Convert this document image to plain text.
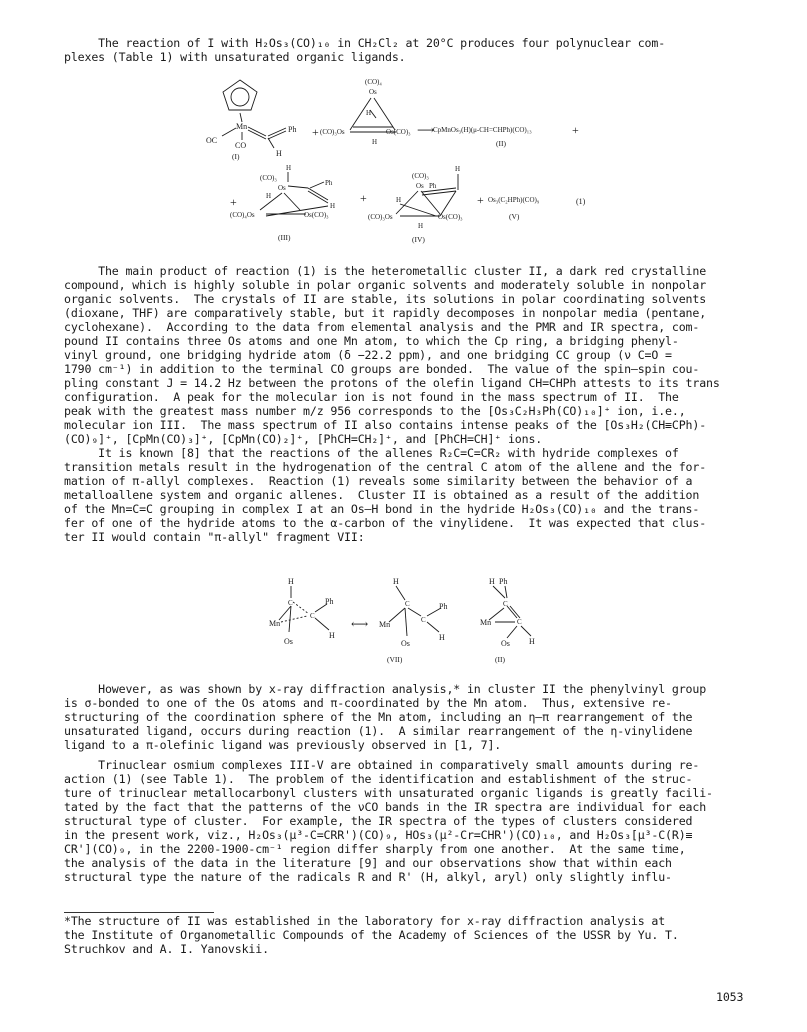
The reaction of I with H₂Os₃(CO)₁₀ in CH₂Cl₂ at 20°C produces four polynuclear com-
plexes (Table 1) with unsaturated organic ligands.
Mn
OC
CO
Ph
H
(I)
+
(CO)₄
Os
H
H
(CO)₃Os	Os(CO)₃ ⟶
CpMnOs₃(H)(μ-CH=CHPh)(CO)₁₃	+
(II)
+
(CO)₃
H
Os
Ph
H
H
(CO)₄Os	Os(CO)₃
(III)
+
(CO)₃
Os
H
Ph
H
H
(CO)₃Os	Os(CO)₃
(IV)
+ Os₃(C₂HPh)(CO)₉
(V)
(1)
The main product of reaction (1) is the heterometallic cluster II, a dark red crystalline
compound, which is highly soluble in polar organic solvents and moderately soluble in nonpolar
organic solvents.  The crystals of II are stable, its solutions in polar coordinating solvents
(dioxane, THF) are comparatively stable, but it rapidly decomposes in nonpolar media (pentane,
cyclohexane).  According to the data from elemental analysis and the PMR and IR spectra, com-
pound II contains three Os atoms and one Mn atom, to which the Cp ring, a bridging phenyl-
vinyl ground, one bridging hydride atom (δ −22.2 ppm), and one bridging CC group (ν C=O =
1790 cm⁻¹) in addition to the terminal CO groups are bonded.  The value of the spin–spin cou-
pling constant J = 14.2 Hz between the protons of the olefin ligand CH=CHPh attests to its trans
configuration.  A peak for the molecular ion is not found in the mass spectrum of II.  The
peak with the greatest mass number m/z 956 corresponds to the [Os₃C₂H₃Ph(CO)₁₀]⁺ ion, i.e.,
molecular ion III.  The mass spectrum of II also contains intense peaks of the [Os₃H₂(CH≡CPh)-
(CO)₉]⁺, [CpMn(CO)₃]⁺, [CpMn(CO)₂]⁺, [PhCH=CH₂]⁺, and [PhCH=CH]⁺ ions.
It is known [8] that the reactions of the allenes R₂C=C=CR₂ with hydride complexes of
transition metals result in the hydrogenation of the central C atom of the allene and the for-
mation of π-allyl complexes.  Reaction (1) reveals some similarity between the behavior of a
metalloallene system and organic allenes.  Cluster II is obtained as a result of the addition
of the Mn=C=C grouping in complex I at an Os—H bond in the hydride H₂Os₃(CO)₁₀ and the trans-
fer of one of the hydride atoms to the α-carbon of the vinylidene.  It was expected that clus-
ter II would contain "π-allyl" fragment VII:
H
C
C
Ph
H
Mn
Os
⟷
H
C
C
Ph
H
Mn
Os
(VII)
H Ph
C
C
Mn
Os H
(II)
However, as was shown by x-ray diffraction analysis,* in cluster II the phenylvinyl group
is σ-bonded to one of the Os atoms and π-coordinated by the Mn atom.  Thus, extensive re-
structuring of the coordination sphere of the Mn atom, including an η–π rearrangement of the
unsaturated ligand, occurs during reaction (1).  A similar rearrangement of the η-vinylidene
ligand to a π-olefinic ligand was previously observed in [1, 7].
Trinuclear osmium complexes III-V are obtained in comparatively small amounts during re-
action (1) (see Table 1).  The problem of the identification and establishment of the struc-
ture of trinuclear metallocarbonyl clusters with unsaturated organic ligands is greatly facili-
tated by the fact that the patterns of the νCO bands in the IR spectra are individual for each
structural type of cluster.  For example, the IR spectra of the types of clusters considered
in the present work, viz., H₂Os₃(μ³-C=CRR')(CO)₉, HOs₃(μ²-Cr=CHR')(CO)₁₀, and H₂Os₃[μ³-C(R)≡
CR'](CO)₉, in the 2200-1900-cm⁻¹ region differ sharply from one another.  At the same time,
the analysis of the data in the literature [9] and our observations show that within each
structural type the nature of the radicals R and R' (H, alkyl, aryl) only slightly influ-
*The structure of II was established in the laboratory for x-ray diffraction analysis at
the Institute of Organometallic Compounds of the Academy of Sciences of the USSR by Yu. T.
Struchkov and A. I. Yanovskii.
1053
